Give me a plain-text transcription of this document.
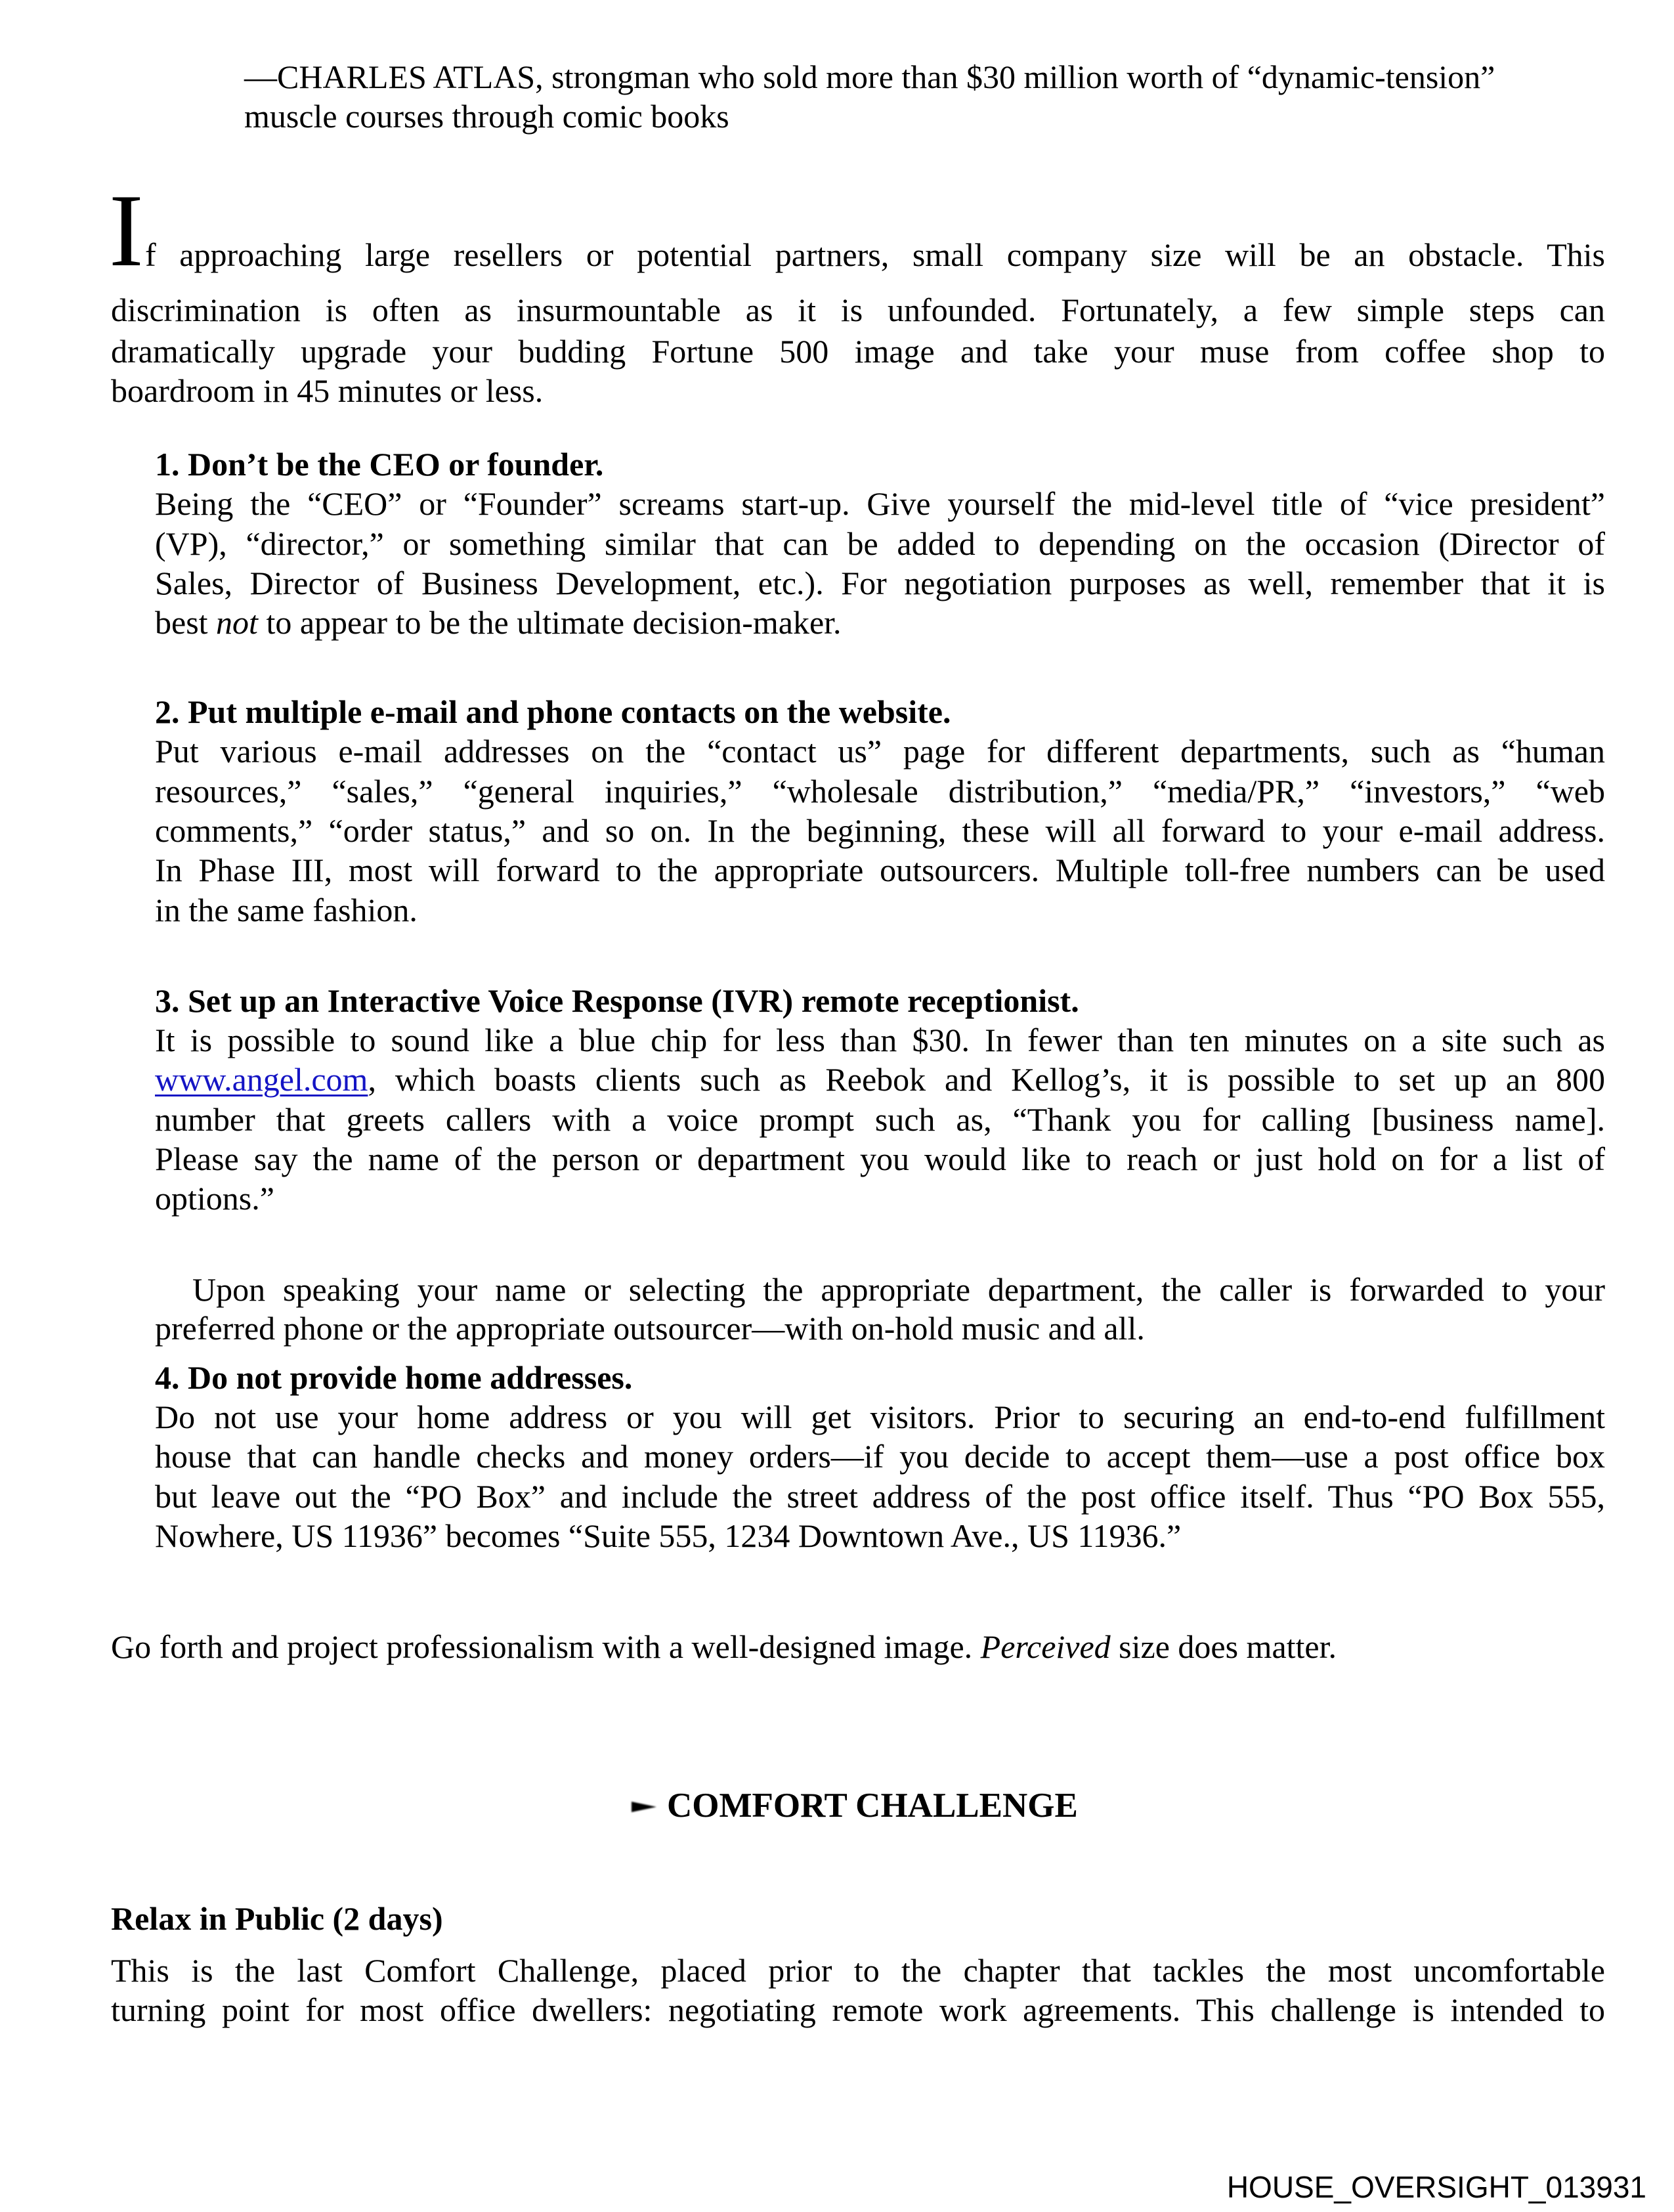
—CHARLES ATLAS, strongman who sold more than $30 million worth of “dynamic-tension”
muscle courses through comic books
I f approaching large resellers or potential partners, small company size will be an obstacle. This
discrimination is often as insurmountable as it is unfounded. Fortunately, a few simple steps can
dramatically upgrade your budding Fortune 500 image and take your muse from coffee shop to
boardroom in 45 minutes or less.
1. Don’t be the CEO or founder.
Being the “CEO” or “Founder” screams start-up. Give yourself the mid-level title of “vice president”
(VP), “director,” or something similar that can be added to depending on the occasion (Director of
Sales, Director of Business Development, etc.). For negotiation purposes as well, remember that it is
best not to appear to be the ultimate decision-maker.
2. Put multiple e-mail and phone contacts on the website.
Put various e-mail addresses on the “contact us” page for different departments, such as “human
resources,” “sales,” “general inquiries,” “wholesale distribution,” “media/PR,” “investors,” “web
comments,” “order status,” and so on. In the beginning, these will all forward to your e-mail address.
In Phase III, most will forward to the appropriate outsourcers. Multiple toll-free numbers can be used
in the same fashion.
3. Set up an Interactive Voice Response (IVR) remote receptionist.
It is possible to sound like a blue chip for less than $30. In fewer than ten minutes on a site such as
www.angel.com, which boasts clients such as Reebok and Kellog’s, it is possible to set up an 800
number that greets callers with a voice prompt such as, “Thank you for calling [business name].
Please say the name of the person or department you would like to reach or just hold on for a list of
options.”
Upon speaking your name or selecting the appropriate department, the caller is forwarded to your
preferred phone or the appropriate outsourcer—with on-hold music and all.
4. Do not provide home addresses.
Do not use your home address or you will get visitors. Prior to securing an end-to-end fulfillment
house that can handle checks and money orders—if you decide to accept them—use a post office box
but leave out the “PO Box” and include the street address of the post office itself. Thus “PO Box 555,
Nowhere, US 11936” becomes “Suite 555, 1234 Downtown Ave., US 11936.”
Go forth and project professionalism with a well-designed image. Perceived size does matter.
COMFORT CHALLENGE
Relax in Public (2 days)
This is the last Comfort Challenge, placed prior to the chapter that tackles the most uncomfortable
turning point for most office dwellers: negotiating remote work agreements. This challenge is intended to
HOUSE_OVERSIGHT_013931
